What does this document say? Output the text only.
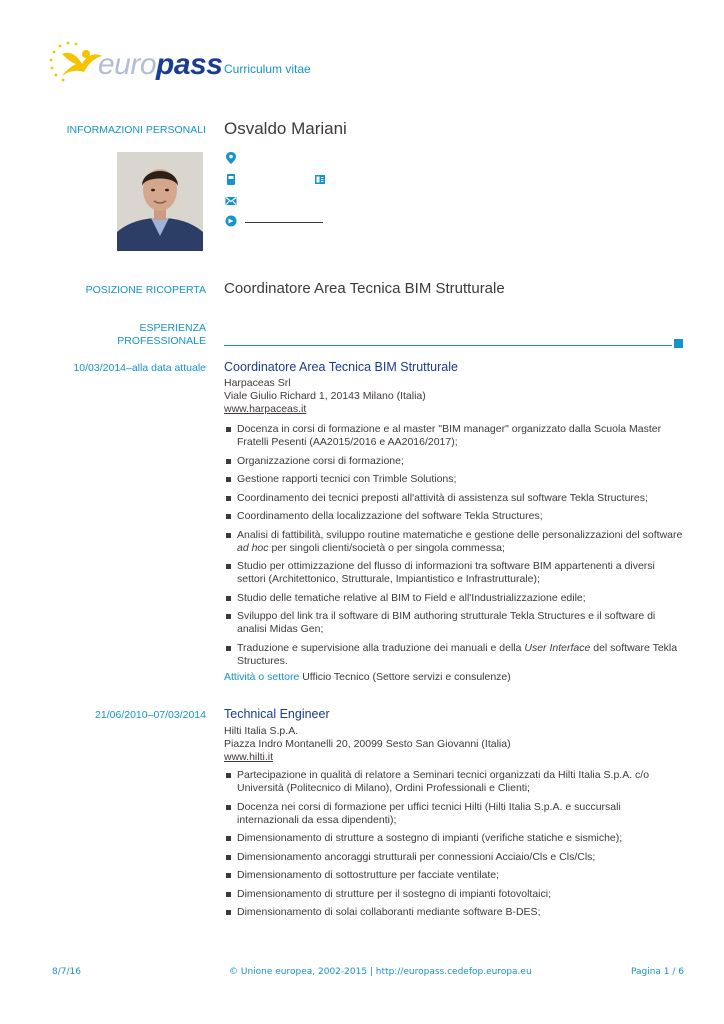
europass Curriculum vitae
INFORMAZIONI PERSONALI Osvaldo Mariani
POSIZIONE RICOPERTA Coordinatore Area Tecnica BIM Strutturale
ESPERIENZA
PROFESSIONALE
10/03/2014–alla data attuale Coordinatore Area Tecnica BIM Strutturale
Harpaceas Srl
Viale Giulio Richard 1, 20143 Milano (Italia)
www.harpaceas.it
Docenza in corsi di formazione e al master "BIM manager" organizzato dalla Scuola Master Fratelli Pesenti (AA2015/2016 e AA2016/2017);
Organizzazione corsi di formazione;
Gestione rapporti tecnici con Trimble Solutions;
Coordinamento dei tecnici preposti all'attività di assistenza sul software Tekla Structures;
Coordinamento della localizzazione del software Tekla Structures;
Analisi di fattibilità, sviluppo routine matematiche e gestione delle personalizzazioni del software ad hoc per singoli clienti/società o per singola commessa;
Studio per ottimizzazione del flusso di informazioni tra software BIM appartenenti a diversi settori (Architettonico, Strutturale, Impiantistico e Infrastrutturale);
Studio delle tematiche relative al BIM to Field e all'Industrializzazione edile;
Sviluppo del link tra il software di BIM authoring strutturale Tekla Structures e il software di analisi Midas Gen;
Traduzione e supervisione alla traduzione dei manuali e della User Interface del software Tekla Structures.
Attività o settore Ufficio Tecnico (Settore servizi e consulenze)
21/06/2010–07/03/2014 Technical Engineer
Hilti Italia S.p.A.
Piazza Indro Montanelli 20, 20099 Sesto San Giovanni (Italia)
www.hilti.it
Partecipazione in qualità di relatore a Seminari tecnici organizzati da Hilti Italia S.p.A. c/o Università (Politecnico di Milano), Ordini Professionali e Clienti;
Docenza nei corsi di formazione per uffici tecnici Hilti (Hilti Italia S.p.A. e succursali internazionali da essa dipendenti);
Dimensionamento di strutture a sostegno di impianti (verifiche statiche e sismiche);
Dimensionamento ancoraggi strutturali per connessioni Acciaio/Cls e Cls/Cls;
Dimensionamento di sottostrutture per facciate ventilate;
Dimensionamento di strutture per il sostegno di impianti fotovoltaici;
Dimensionamento di solai collaboranti mediante software B-DES;
8/7/16	© Unione europea, 2002-2015 | http://europass.cedefop.europa.eu	Pagina 1 / 6
